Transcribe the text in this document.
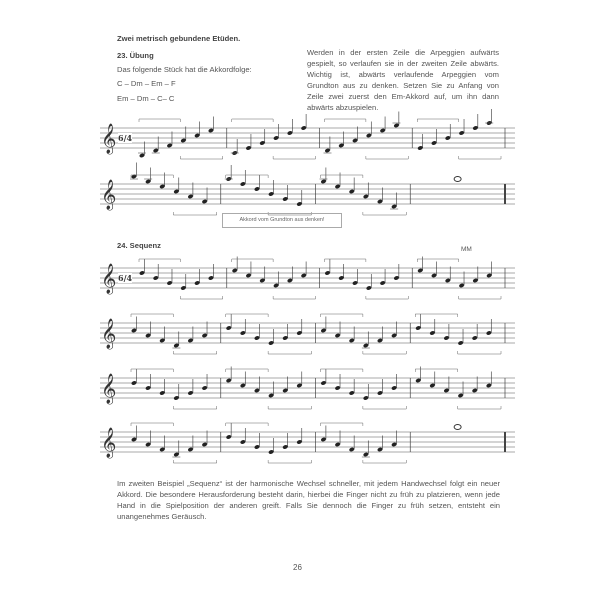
Zwei metrisch gebundene Etüden.
23. Übung
Das folgende Stück hat die Akkordfolge:
C – Dm – Em – F
Em – Dm – C– C
Werden in der ersten Zeile die Arpeggien aufwärts gespielt, so verlaufen sie in der zweiten Zeile abwärts. Wichtig ist, abwärts verlaufende Arpeggien vom Grundton aus zu denken. Setzen Sie zu Anfang von Zeile zwei zuerst den Em-Akkord auf, um ihn dann abwärts abzuspielen.
𝄞
𝄞
𝄞
𝄞
𝄞
𝄞
6/4
6/4
Akkord vom Grundton aus denken!
24. Sequenz	MM
Im zweiten Beispiel „Sequenz“ ist der harmonische Wechsel schneller, mit jedem Handwechsel folgt ein neuer Akkord. Die besondere Herausforderung besteht darin, hierbei die Finger nicht zu früh zu platzieren, wenn jede Hand in die Spielposition der anderen greift. Falls Sie dennoch die Finger zu früh setzen, entsteht ein unangenehmes Geräusch.
26
